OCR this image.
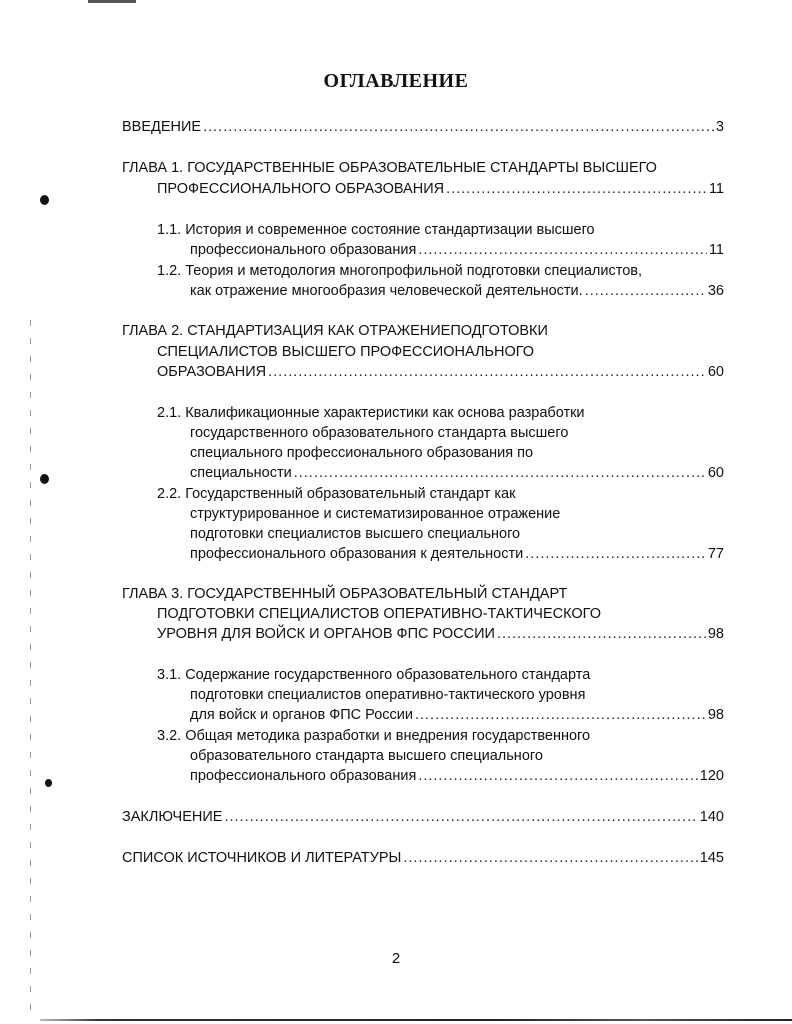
ОГЛАВЛЕНИЕ
ВВЕДЕНИЕ .....	3
ГЛАВА 1. ГОСУДАРСТВЕННЫЕ ОБРАЗОВАТЕЛЬНЫЕ СТАНДАРТЫ ВЫСШЕГО
ПРОФЕССИОНАЛЬНОГО ОБРАЗОВАНИЯ .....	11
1.1. История и современное состояние стандартизации высшего
профессионального образования .....	11
1.2. Теория и методология многопрофильной подготовки специалистов,
как отражение многообразия человеческой деятельности. .....	36
ГЛАВА 2. СТАНДАРТИЗАЦИЯ КАК ОТРАЖЕНИЕПОДГОТОВКИ
СПЕЦИАЛИСТОВ ВЫСШЕГО ПРОФЕССИОНАЛЬНОГО
ОБРАЗОВАНИЯ .....	60
2.1. Квалификационные характеристики как основа разработки
государственного образовательного стандарта высшего
специального профессионального образования по
специальности .....	60
2.2. Государственный образовательный стандарт как
структурированное и систематизированное отражение
подготовки специалистов высшего специального
профессионального образования к деятельности .....	77
ГЛАВА 3. ГОСУДАРСТВЕННЫЙ ОБРАЗОВАТЕЛЬНЫЙ СТАНДАРТ
ПОДГОТОВКИ СПЕЦИАЛИСТОВ ОПЕРАТИВНО-ТАКТИЧЕСКОГО
УРОВНЯ ДЛЯ ВОЙСК И ОРГАНОВ ФПС РОССИИ .....	98
3.1. Содержание государственного образовательного стандарта
подготовки специалистов оперативно-тактического уровня
для войск и органов ФПС России .....	98
3.2. Общая методика разработки и внедрения государственного
образовательного стандарта высшего специального
профессионального образования .....	120
ЗАКЛЮЧЕНИЕ .....	140
СПИСОК ИСТОЧНИКОВ И ЛИТЕРАТУРЫ .....	145
2
